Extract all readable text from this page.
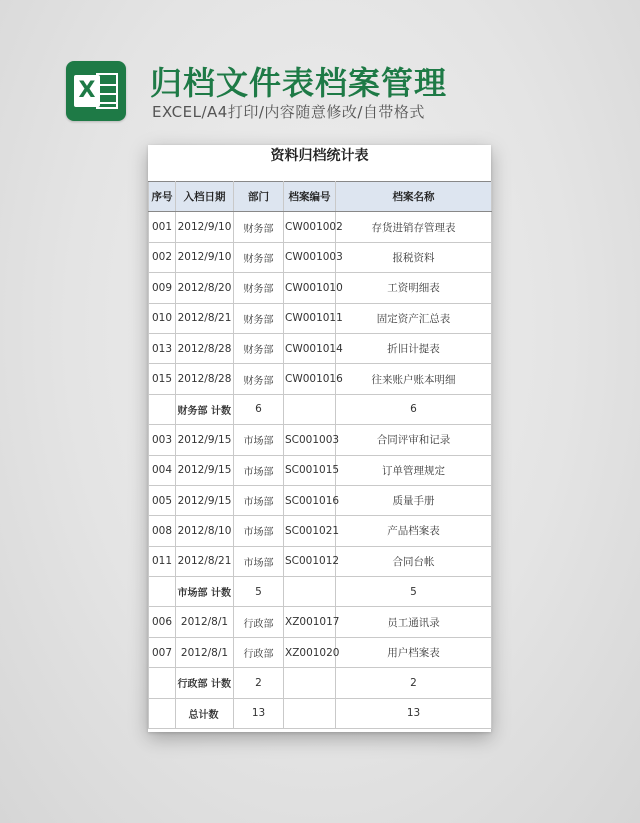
X 归档文件表档案管理
EXCEL/A4打印/内容随意修改/自带格式
资料归档统计表
序号	入档日期	部门	档案编号	档案名称
001	2012/9/10	财务部	CW001002	存货进销存管理表
002	2012/9/10	财务部	CW001003	报税资料
009	2012/8/20	财务部	CW001010	工资明细表
010	2012/8/21	财务部	CW001011	固定资产汇总表
013	2012/8/28	财务部	CW001014	折旧计提表
015	2012/8/28	财务部	CW001016	往来账户账本明细
	财务部 计数	6		6
003	2012/9/15	市场部	SC001003	合同评审和记录
004	2012/9/15	市场部	SC001015	订单管理规定
005	2012/9/15	市场部	SC001016	质量手册
008	2012/8/10	市场部	SC001021	产品档案表
011	2012/8/21	市场部	SC001012	合同台帐
	市场部 计数	5		5
006	2012/8/1	行政部	XZ001017	员工通讯录
007	2012/8/1	行政部	XZ001020	用户档案表
	行政部 计数	2		2
	总计数	13		13
